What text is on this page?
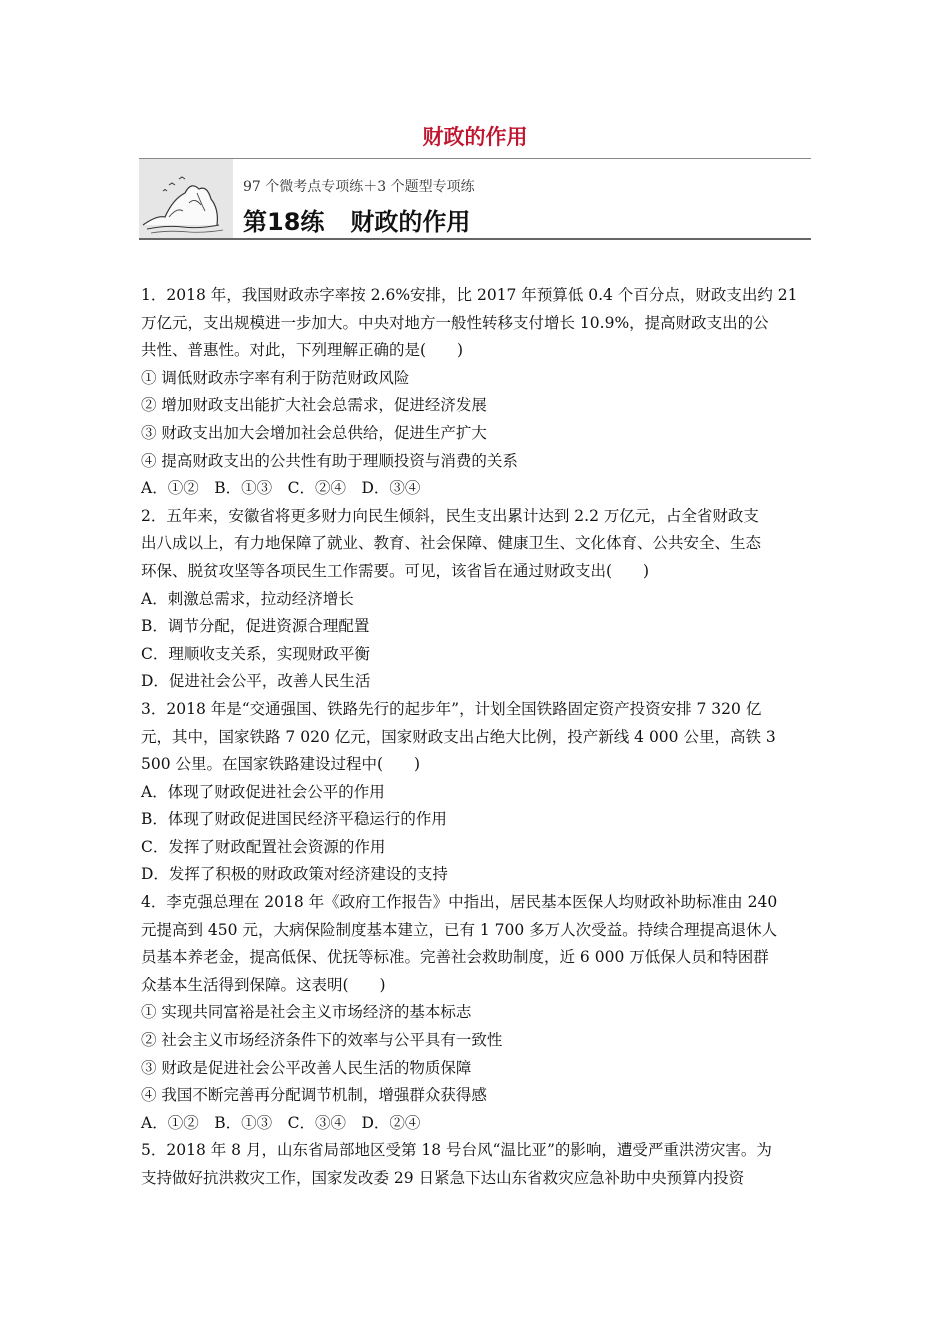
财政的作用
97 个微考点专项练＋3 个题型专项练
第18练 财政的作用
1．2018 年，我国财政赤字率按 2.6%安排，比 2017 年预算低 0.4 个百分点，财政支出约 21
万亿元，支出规模进一步加大。中央对地方一般性转移支付增长 10.9%，提高财政支出的公
共性、普惠性。对此，下列理解正确的是(　　)
① 调低财政赤字率有利于防范财政风险
② 增加财政支出能扩大社会总需求，促进经济发展
③ 财政支出加大会增加社会总供给，促进生产扩大
④ 提高财政支出的公共性有助于理顺投资与消费的关系
A．①②　B．①③　C．②④　D．③④
2．五年来，安徽省将更多财力向民生倾斜，民生支出累计达到 2.2 万亿元，占全省财政支
出八成以上，有力地保障了就业、教育、社会保障、健康卫生、文化体育、公共安全、生态
环保、脱贫攻坚等各项民生工作需要。可见，该省旨在通过财政支出(　　)
A．刺激总需求，拉动经济增长
B．调节分配，促进资源合理配置
C．理顺收支关系，实现财政平衡
D．促进社会公平，改善人民生活
3．2018 年是“交通强国、铁路先行的起步年”，计划全国铁路固定资产投资安排 7 320 亿
元，其中，国家铁路 7 020 亿元，国家财政支出占绝大比例，投产新线 4 000 公里，高铁 3
500 公里。在国家铁路建设过程中(　　)
A．体现了财政促进社会公平的作用
B．体现了财政促进国民经济平稳运行的作用
C．发挥了财政配置社会资源的作用
D．发挥了积极的财政政策对经济建设的支持
4．李克强总理在 2018 年《政府工作报告》中指出，居民基本医保人均财政补助标准由 240
元提高到 450 元，大病保险制度基本建立，已有 1 700 多万人次受益。持续合理提高退休人
员基本养老金，提高低保、优抚等标准。完善社会救助制度，近 6 000 万低保人员和特困群
众基本生活得到保障。这表明(　　)
① 实现共同富裕是社会主义市场经济的基本标志
② 社会主义市场经济条件下的效率与公平具有一致性
③ 财政是促进社会公平改善人民生活的物质保障
④ 我国不断完善再分配调节机制，增强群众获得感
A．①②　B．①③　C．③④　D．②④
5．2018 年 8 月，山东省局部地区受第 18 号台风“温比亚”的影响，遭受严重洪涝灾害。为
支持做好抗洪救灾工作，国家发改委 29 日紧急下达山东省救灾应急补助中央预算内投资
